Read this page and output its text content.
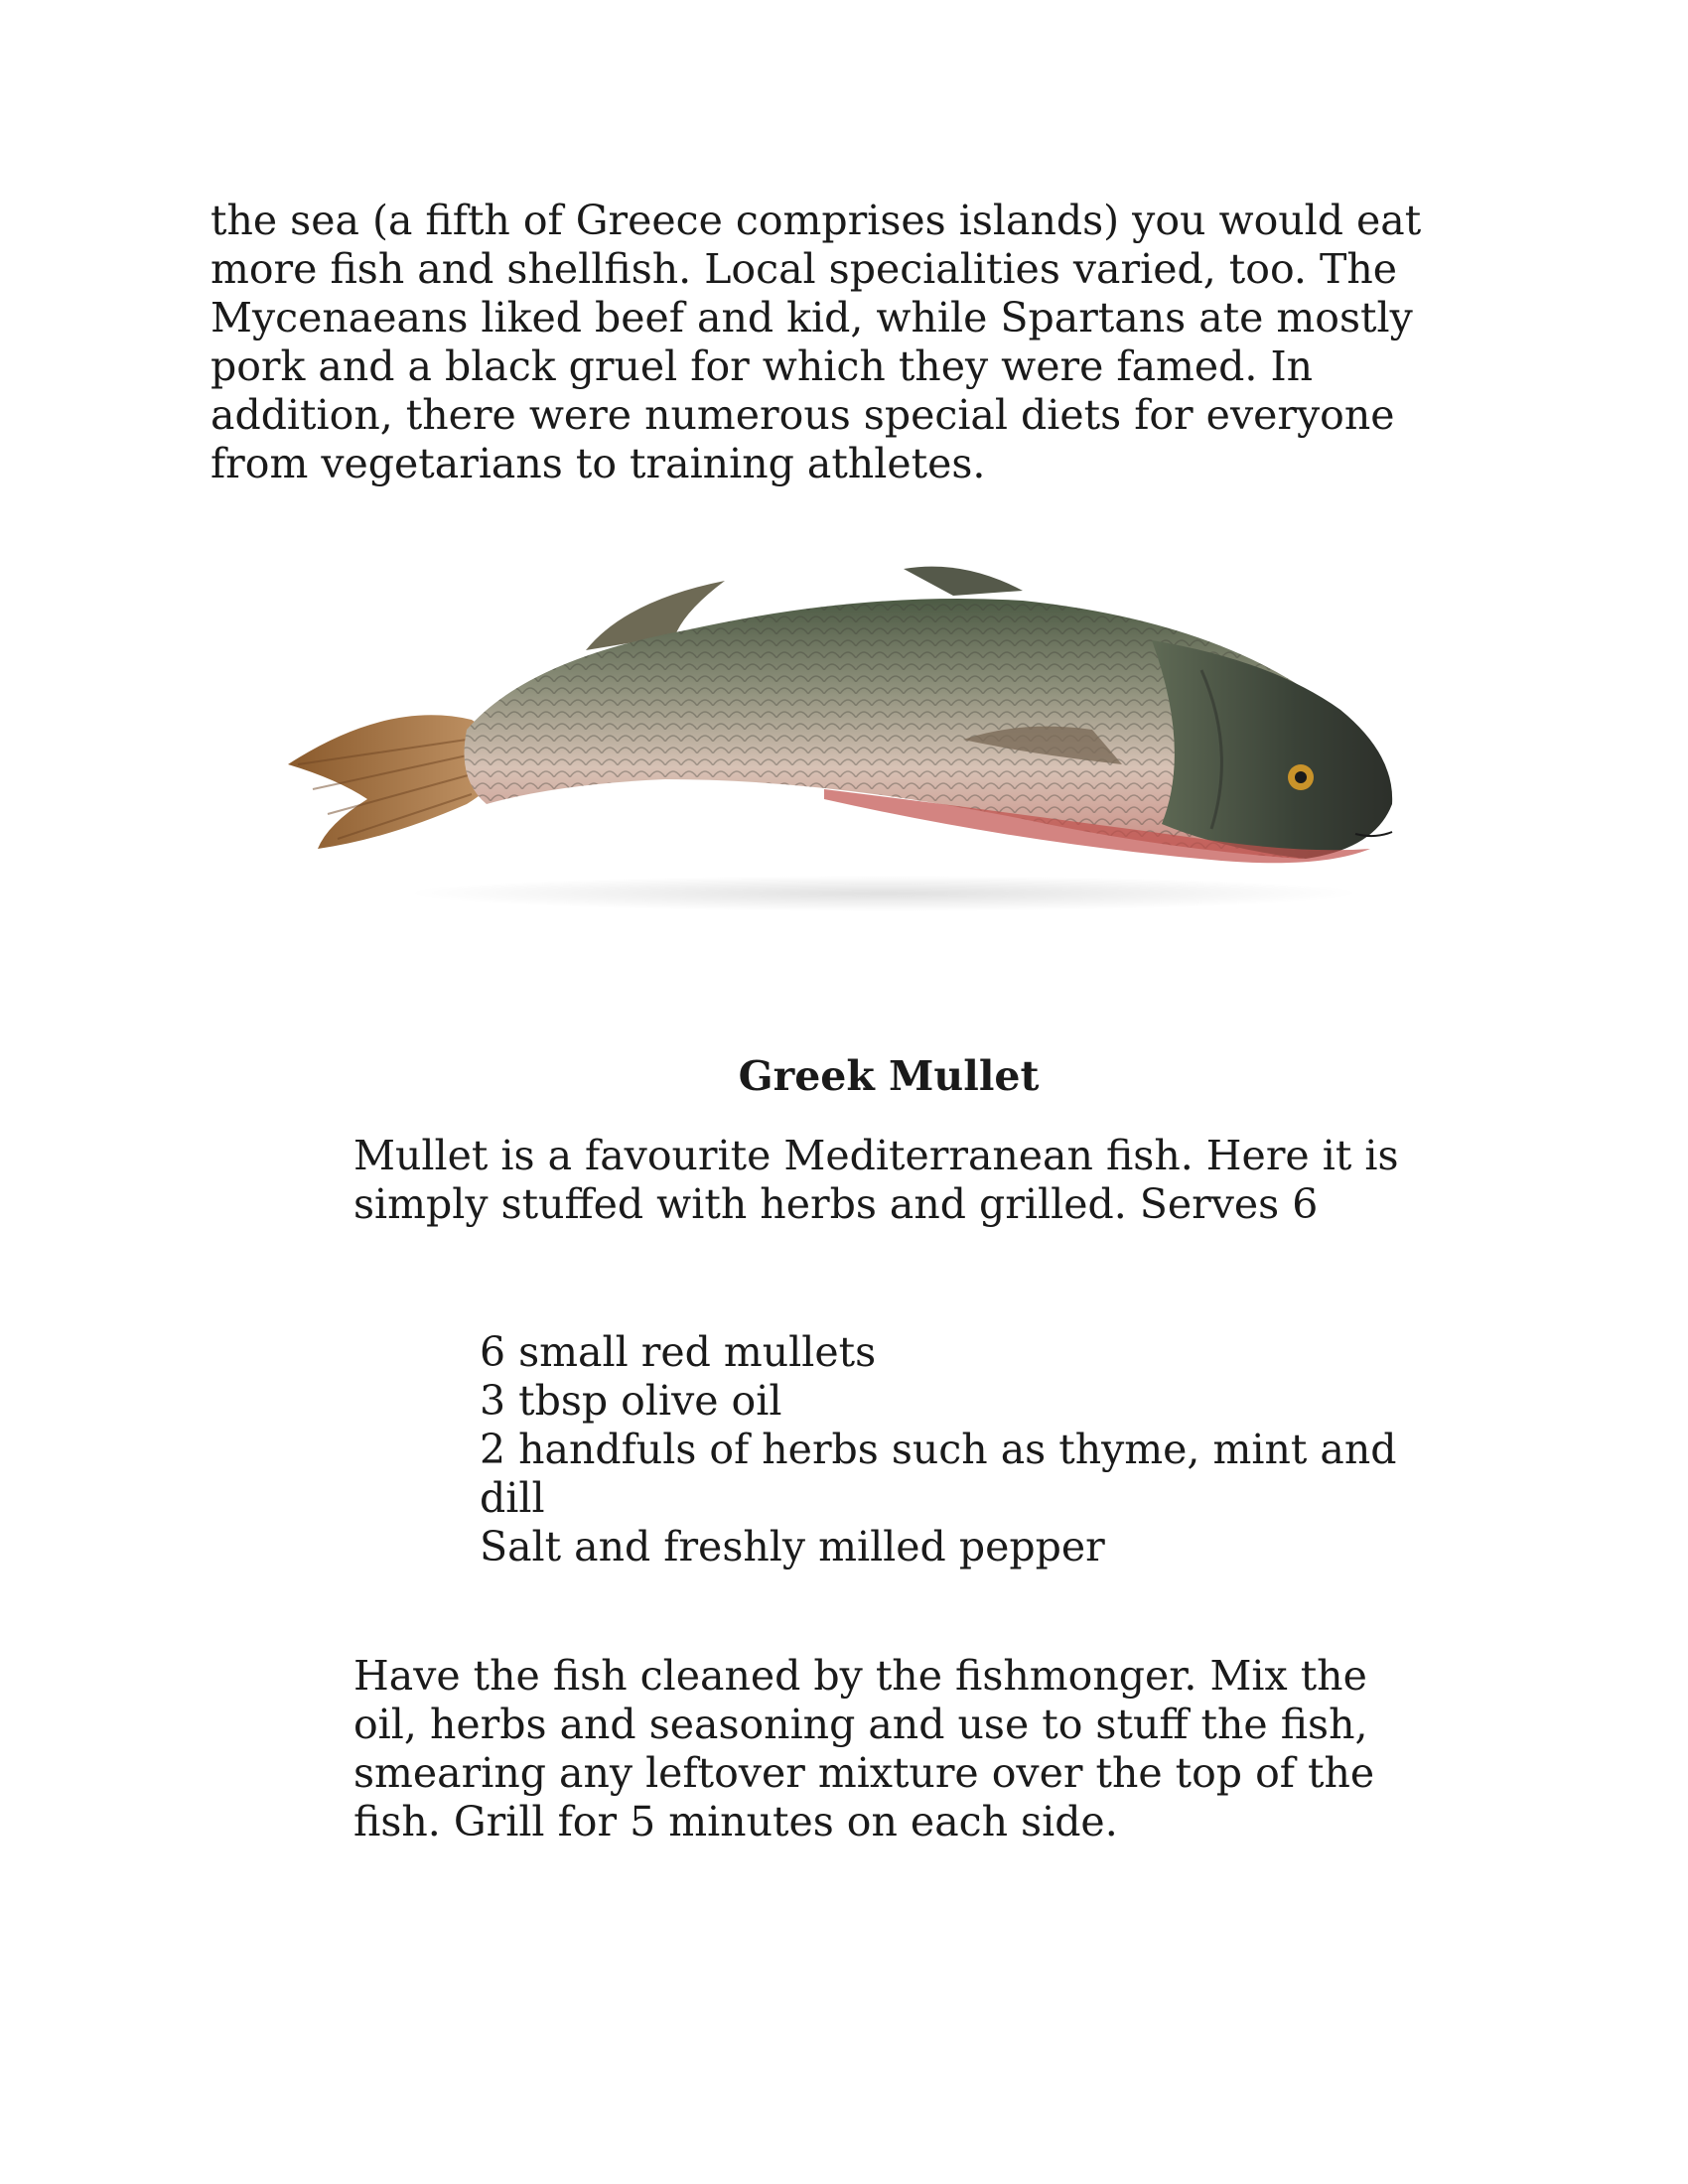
the sea (a fifth of Greece comprises islands) you would eat
more fish and shellfish. Local specialities varied, too. The
Mycenaeans liked beef and kid, while Spartans ate mostly
pork and a black gruel for which they were famed. In
addition, there were numerous special diets for everyone
from vegetarians to training athletes.

Greek Mullet

Mullet is a favourite Mediterranean fish. Here it is
simply stuffed with herbs and grilled. Serves 6

6 small red mullets
3 tbsp olive oil
2 handfuls of herbs such as thyme, mint and
dill
Salt and freshly milled pepper

Have the fish cleaned by the fishmonger. Mix the
oil, herbs and seasoning and use to stuff the fish,
smearing any leftover mixture over the top of the
fish. Grill for 5 minutes on each side.
